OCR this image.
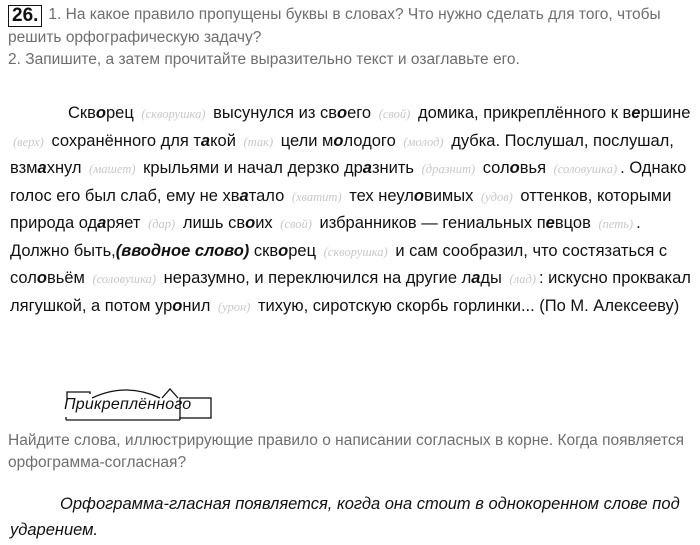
26. 1. На какое правило пропущены буквы в словах? Что нужно сделать для того, чтобы решить орфографическую задачу?
2. Запишите, а затем прочитайте выразительно текст и озаглавьте его.

Скворец (скворушка) высунулся из своего (свой) домика, прикреплённого к вершине (верх) сохранённого для такой (так) цели молодого (молод) дубка. Послушал, послушал, взмахнул (машет) крыльями и начал дерзко дразнить (дразнит) соловья (соловушка) . Однако голос его был слаб, ему не хватало (хватит) тех неуловимых (удов) оттенков, которыми природа одаряет (дар) лишь своих (свой) избранников — гениальных певцов (петь) . Должно быть,(вводное слово) скворец (скворушка) и сам сообразил, что состязаться с соловьём (соловушка) неразумно, и переключился на другие лады (лад) : искусно проквакал лягушкой, а потом уронил (урон) тихую, сиротскую скорбь горлинки... (По М. Алексееву)

Прикреплённого
Найдите слова, иллюстрирующие правило о написании согласных в корне. Когда появляется орфограмма-согласная?
Орфограмма-гласная появляется, когда она стоит в однокоренном слове под ударением.
